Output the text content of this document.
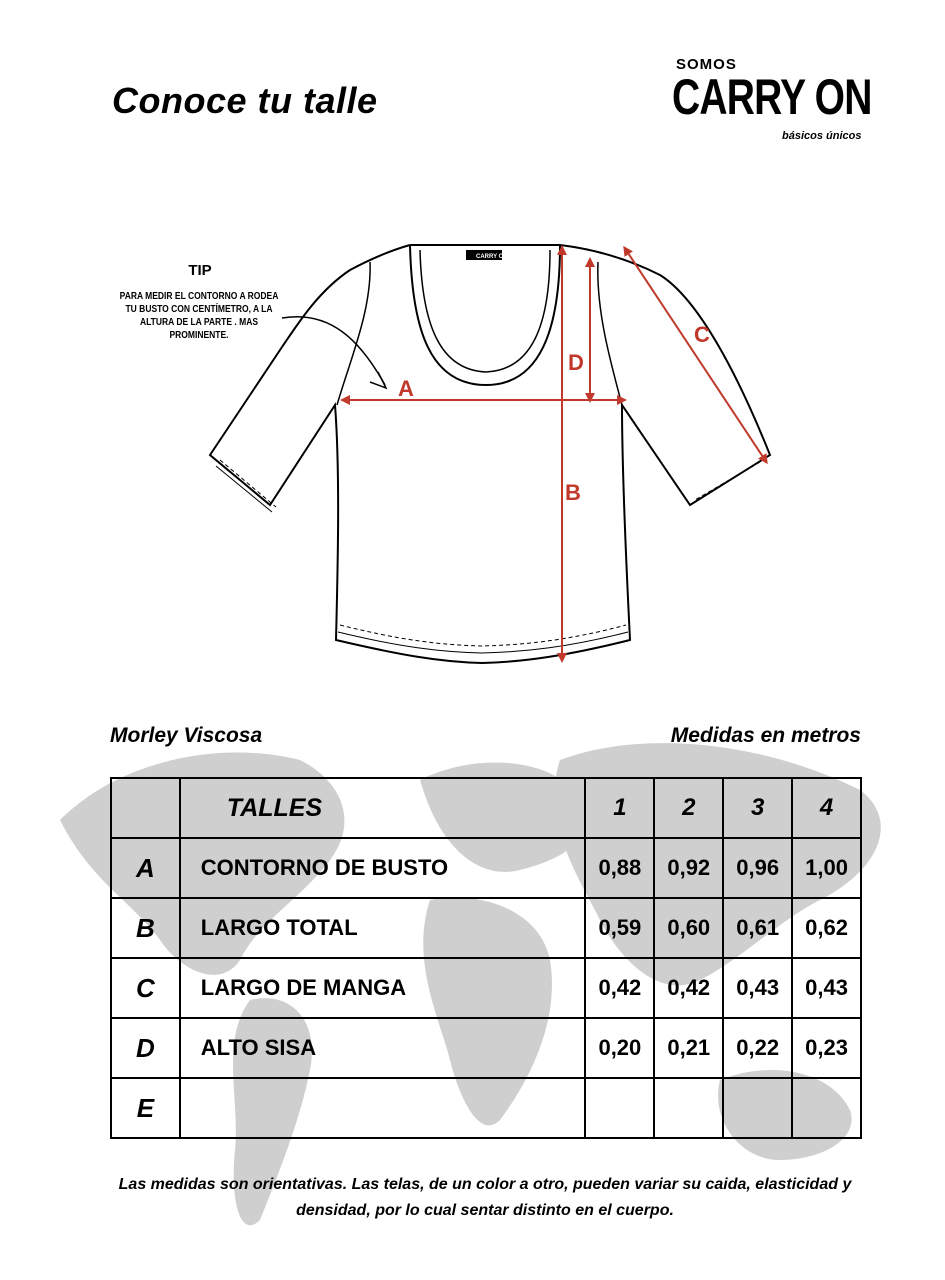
Conoce tu talle
SOMOS
CARRY ON
básicos únicos
TIP
PARA MEDIR EL CONTORNO A RODEA TU BUSTO CON CENTÍMETRO, A LA ALTURA DE LA PARTE . MAS PROMINENTE.
CARRY ON
A
B
C
D
Morley Viscosa	Medidas en metros
	TALLES	1	2	3	4
A	CONTORNO DE BUSTO	0,88	0,92	0,96	1,00
B	LARGO TOTAL	0,59	0,60	0,61	0,62
C	LARGO DE MANGA	0,42	0,42	0,43	0,43
D	ALTO SISA	0,20	0,21	0,22	0,23
E					
Las medidas son orientativas. Las telas, de un color a otro, pueden variar su caida, elasticidad y densidad, por lo cual sentar distinto en el cuerpo.
